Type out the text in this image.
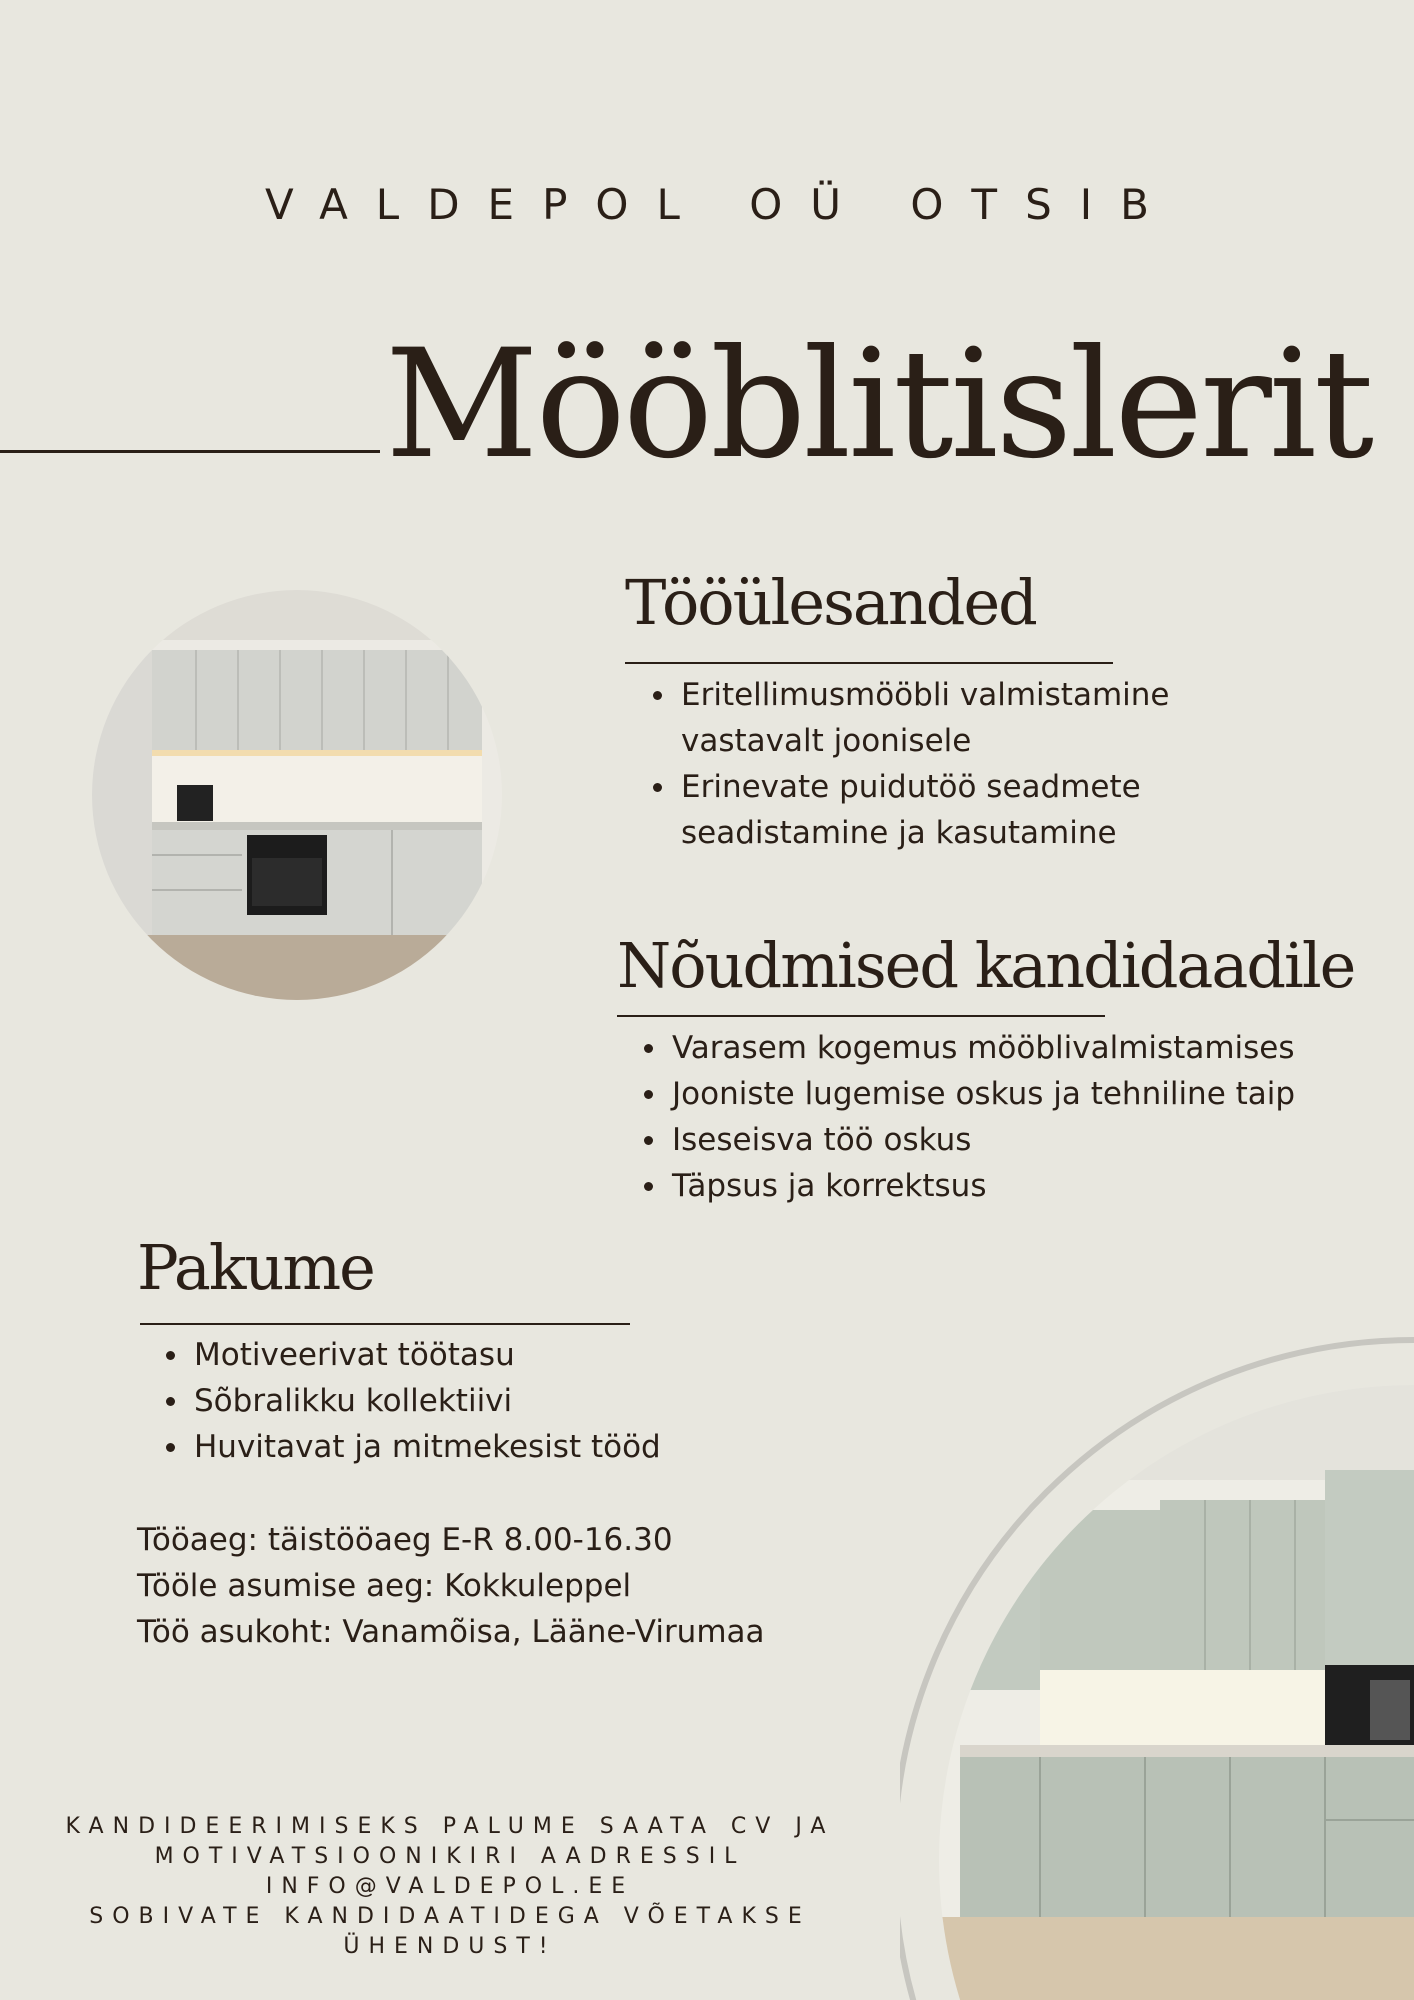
VALDEPOL OÜ OTSIB
Mööblitislerit
Tööülesanded
Eritellimusmööbli valmistamine vastavalt joonisele
Erinevate puidutöö seadmete seadistamine ja kasutamine
Nõudmised kandidaadile
Varasem kogemus mööblivalmistamises
Jooniste lugemise oskus ja tehniline taip
Iseseisva töö oskus
Täpsus ja korrektsus
Pakume
Motiveerivat töötasu
Sõbralikku kollektiivi
Huvitavat ja mitmekesist tööd
Tööaeg: täistööaeg E-R 8.00-16.30
Tööle asumise aeg: Kokkuleppel
Töö asukoht: Vanamõisa, Lääne-Virumaa
KANDIDEERIMISEKS PALUME SAATA CV JA
MOTIVATSIOONIKIRI AADRESSIL
INFO@VALDEPOL.EE
SOBIVATE KANDIDAATIDEGA VÕETAKSE
ÜHENDUST!
